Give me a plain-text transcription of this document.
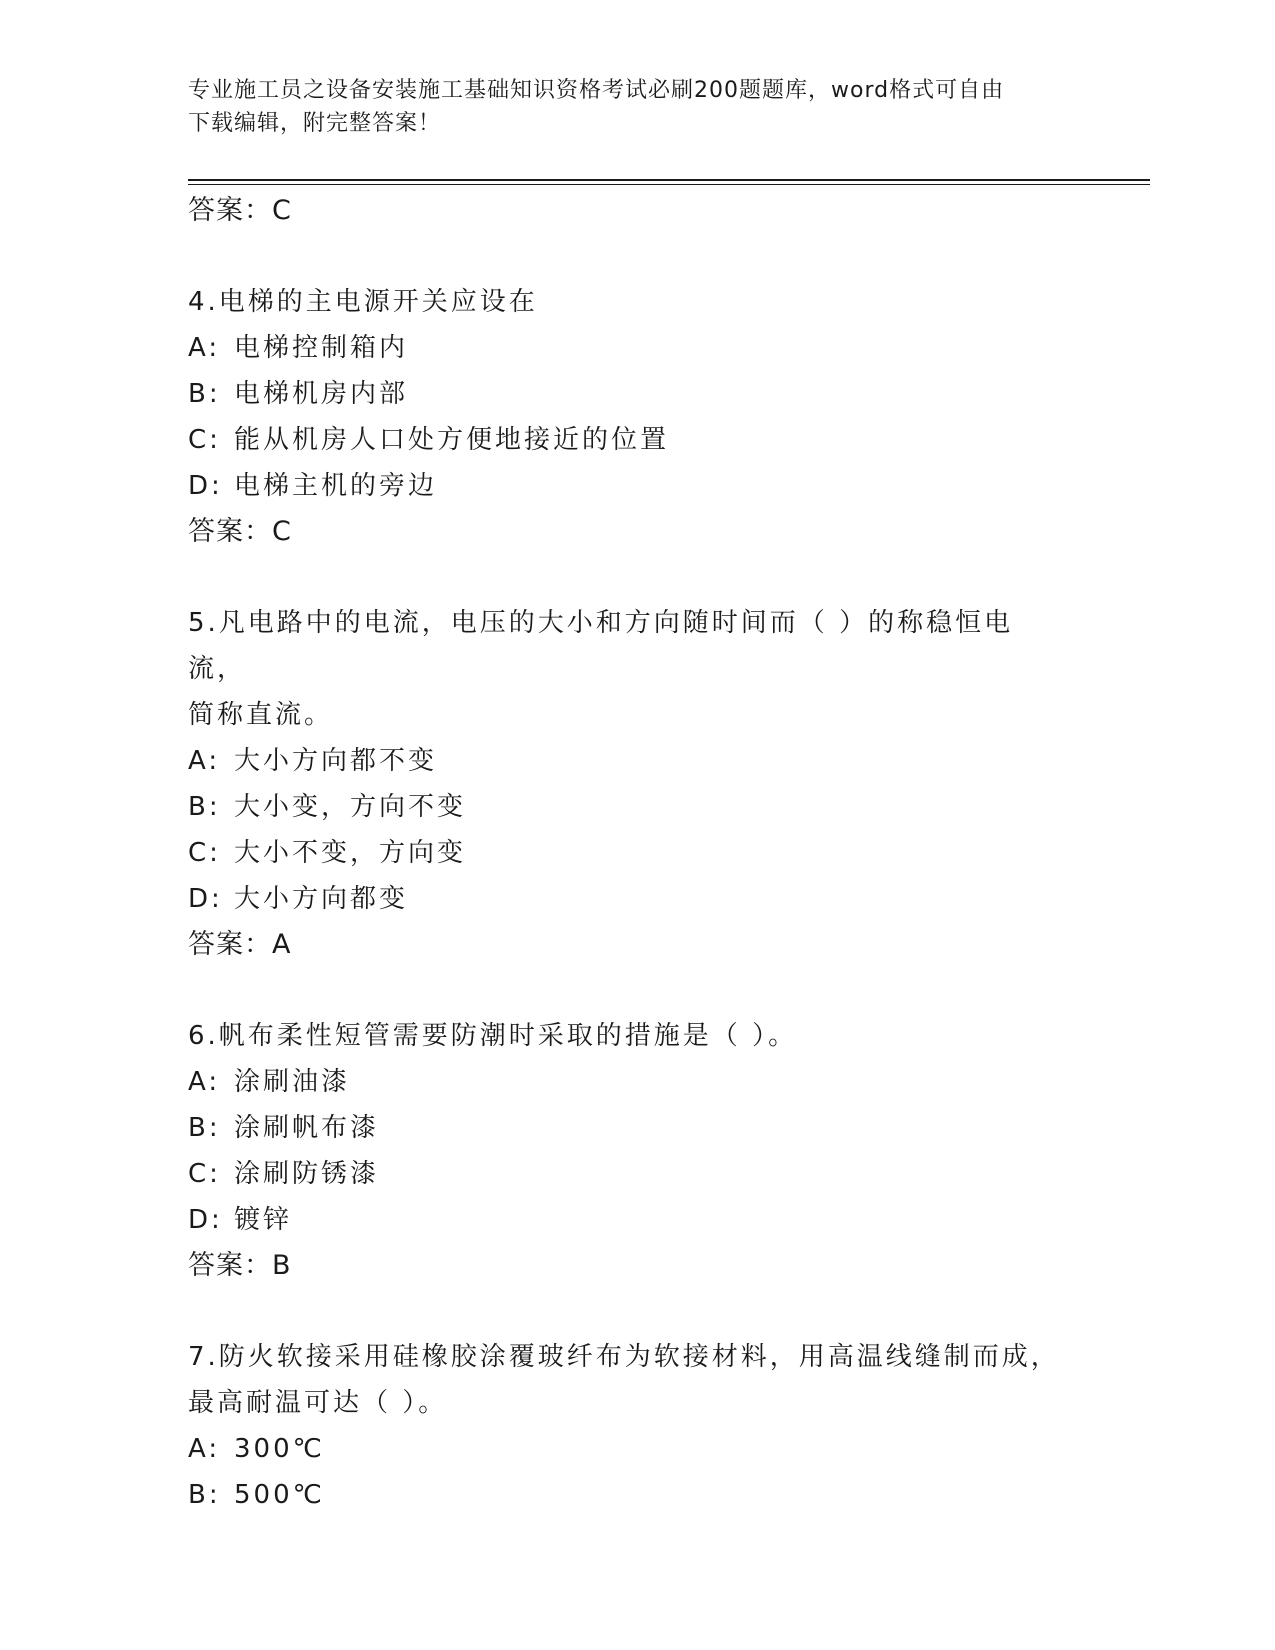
专业施工员之设备安装施工基础知识资格考试必刷200题题库，word格式可自由
下载编辑，附完整答案！
答案：C
4.电梯的主电源开关应设在
A: 电梯控制箱内
B: 电梯机房内部
C: 能从机房人口处方便地接近的位置
D: 电梯主机的旁边
答案：C
5.凡电路中的电流，电压的大小和方向随时间而（ ）的称稳恒电流，
简称直流。
A: 大小方向都不变
B: 大小变，方向不变
C: 大小不变，方向变
D: 大小方向都变
答案：A
6.帆布柔性短管需要防潮时采取的措施是（ ）。
A: 涂刷油漆
B: 涂刷帆布漆
C: 涂刷防锈漆
D: 镀锌
答案：B
7.防火软接采用硅橡胶涂覆玻纤布为软接材料，用高温线缝制而成，
最高耐温可达（ ）。
A: 300℃
B: 500℃
